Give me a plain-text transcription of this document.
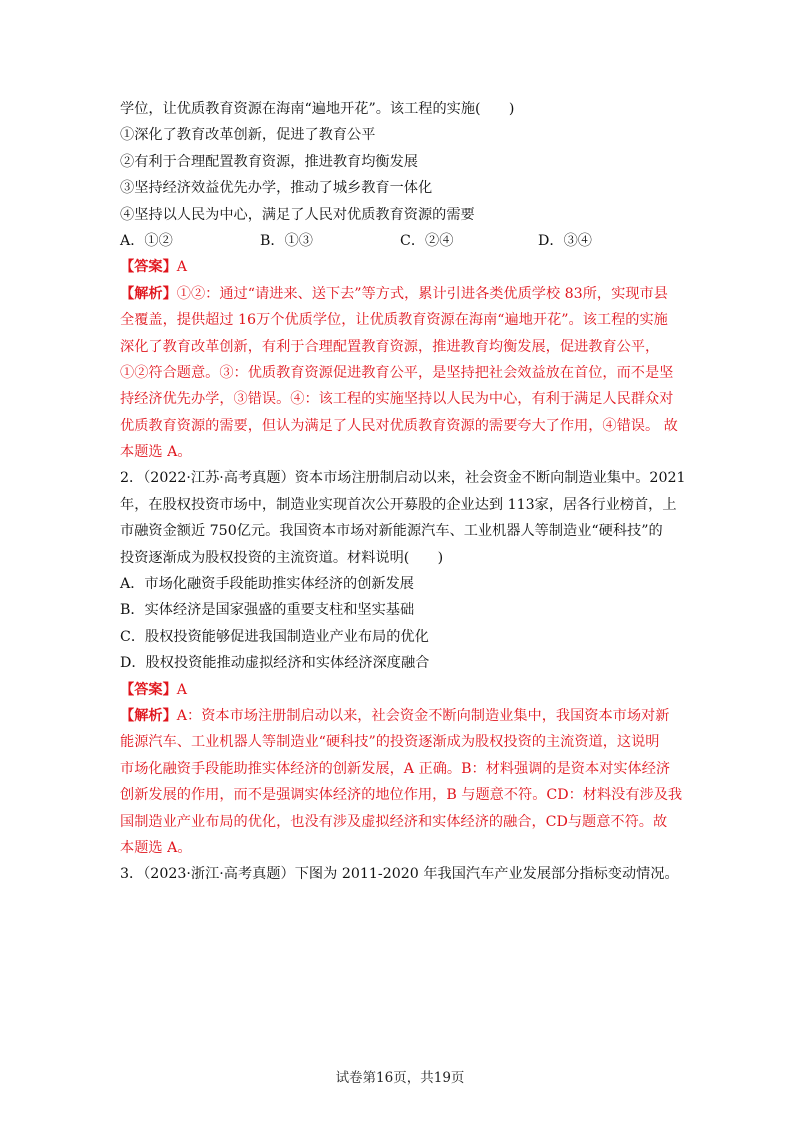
学位，让优质教育资源在海南“遍地开花”。该工程的实施(　　)
①深化了教育改革创新，促进了教育公平
②有利于合理配置教育资源，推进教育均衡发展
③坚持经济效益优先办学，推动了城乡教育一体化
④坚持以人民为中心，满足了人民对优质教育资源的需要
A．①②	B．①③	C．②④	D．③④
【答案】A
【解析】①②：通过“请进来、送下去”等方式，累计引进各类优质学校 83所，实现市县
全覆盖，提供超过 16万个优质学位，让优质教育资源在海南“遍地开花”。该工程的实施
深化了教育改革创新，有利于合理配置教育资源，推进教育均衡发展，促进教育公平，
①②符合题意。③：优质教育资源促进教育公平，是坚持把社会效益放在首位，而不是坚
持经济优先办学，③错误。④：该工程的实施坚持以人民为中心，有利于满足人民群众对
优质教育资源的需要，但认为满足了人民对优质教育资源的需要夸大了作用，④错误。 故
本题选 A。
2．（2022·江苏·高考真题）资本市场注册制启动以来，社会资金不断向制造业集中。2021
年，在股权投资市场中，制造业实现首次公开募股的企业达到 113家，居各行业榜首，上
市融资金额近 750亿元。我国资本市场对新能源汽车、工业机器人等制造业“硬科技”的
投资逐渐成为股权投资的主流资道。材料说明(　　)
A．市场化融资手段能助推实体经济的创新发展
B．实体经济是国家强盛的重要支柱和坚实基础
C．股权投资能够促进我国制造业产业布局的优化
D．股权投资能推动虚拟经济和实体经济深度融合
【答案】A
【解析】A：资本市场注册制启动以来，社会资金不断向制造业集中，我国资本市场对新
能源汽车、工业机器人等制造业“硬科技”的投资逐渐成为股权投资的主流资道，这说明
市场化融资手段能助推实体经济的创新发展，A 正确。B：材料强调的是资本对实体经济
创新发展的作用，而不是强调实体经济的地位作用，B 与题意不符。CD：材料没有涉及我
国制造业产业布局的优化，也没有涉及虚拟经济和实体经济的融合，CD与题意不符。故
本题选 A。
3．（2023·浙江·高考真题）下图为 2011-2020 年我国汽车产业发展部分指标变动情况。
试卷第16页，共19页
